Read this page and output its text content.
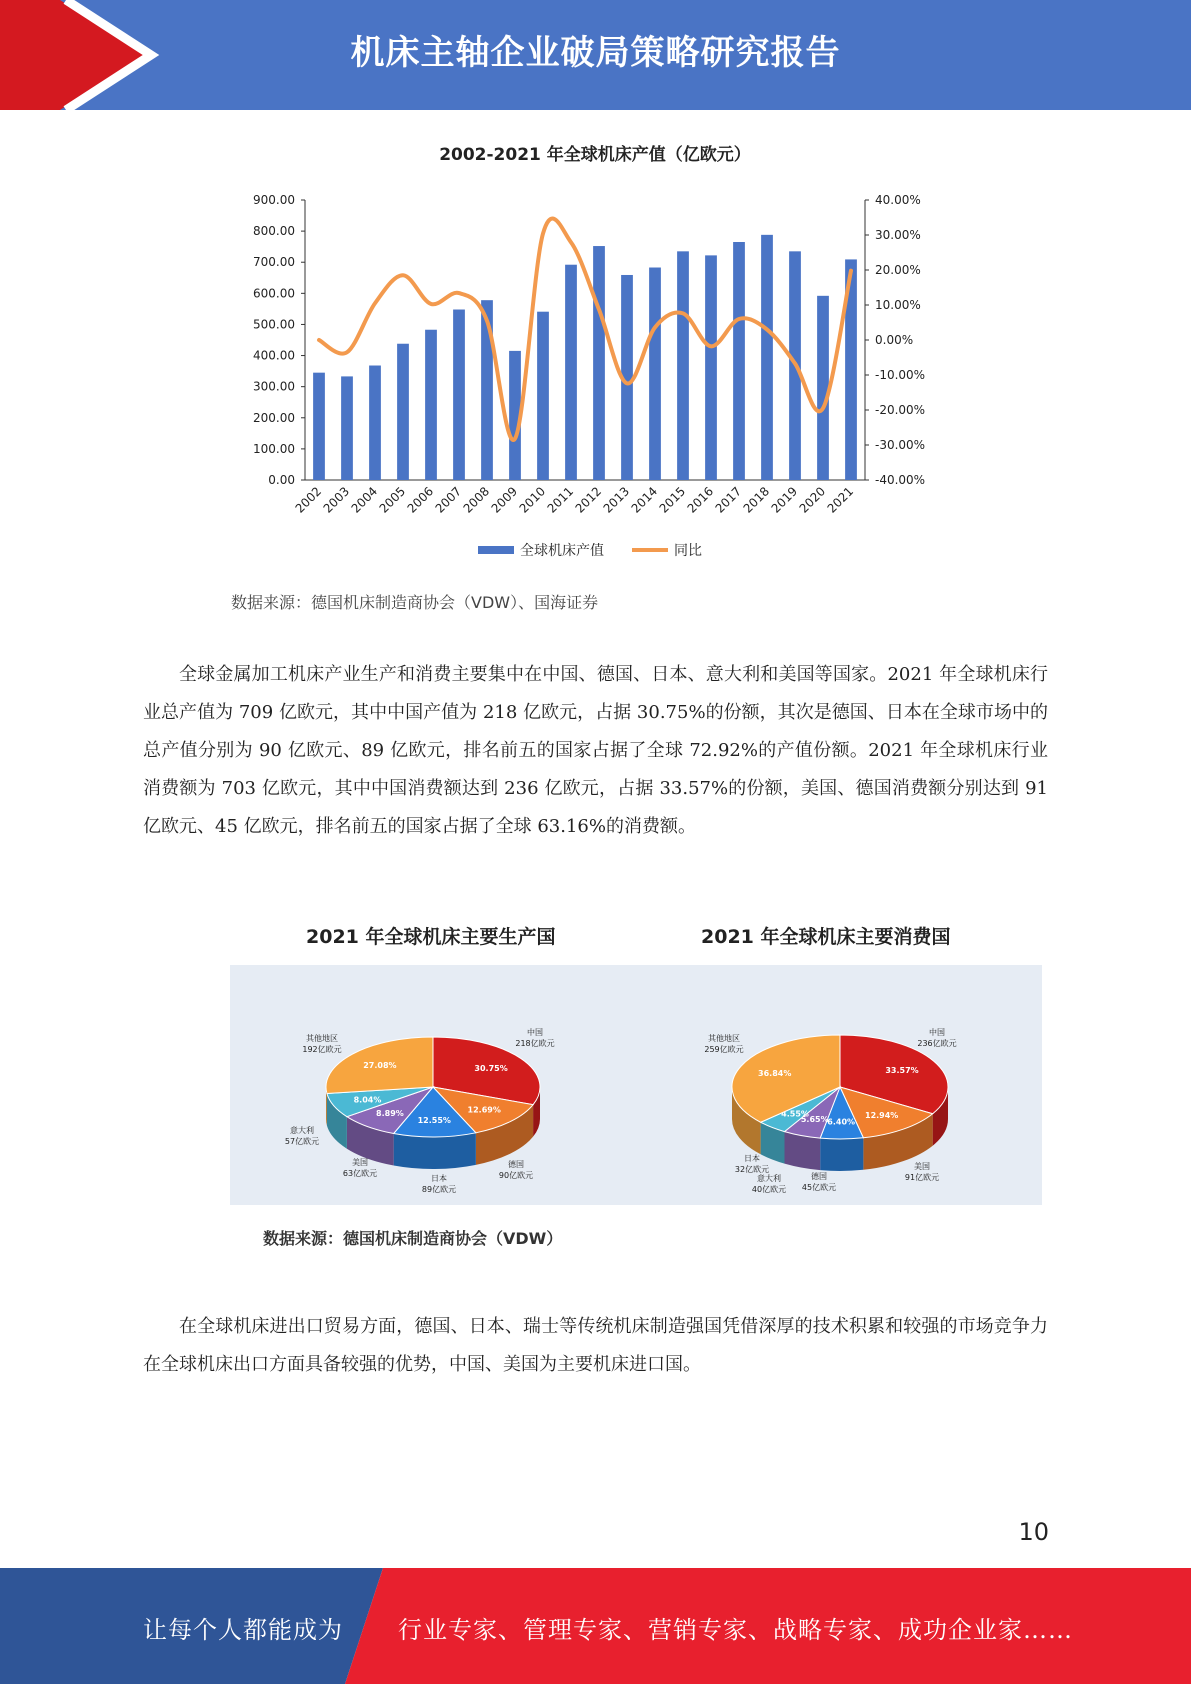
机床主轴企业破局策略研究报告
2002-2021 年全球机床产值（亿欧元）
900.00
800.00
700.00
600.00
500.00
400.00
300.00
200.00
100.00
0.00
40.00%
30.00%
20.00%
10.00%
0.00%
-10.00%
-20.00%
-30.00%
-40.00%
2002
2003
2004
2005
2006
2007
2008
2009
2010
2011
2012
2013
2014
2015
2016
2017
2018
2019
2020
2021
全球机床产值	同比
数据来源：德国机床制造商协会（VDW）、国海证券

全球金属加工机床产业生产和消费主要集中在中国、德国、日本、意大利和美国等国家。2021 年全球机床行业总产值为 709 亿欧元，其中中国产值为 218 亿欧元，占据 30.75%的份额，其次是德国、日本在全球市场中的总产值分别为 90 亿欧元、89 亿欧元，排名前五的国家占据了全球 72.92%的产值份额。2021 年全球机床行业消费额为 703 亿欧元，其中中国消费额达到 236 亿欧元，占据 33.57%的份额，美国、德国消费额分别达到 91 亿欧元、45 亿欧元，排名前五的国家占据了全球 63.16%的消费额。

2021 年全球机床主要生产国	2021 年全球机床主要消费国
30.75%
12.69%
12.55%
8.89%
8.04%
27.08%
中国
218亿欧元
德国
90亿欧元
日本
89亿欧元
美国
63亿欧元
意大利
57亿欧元
其他地区
192亿欧元
33.57%
12.94%
6.40%
5.65%
4.55%
36.84%
中国
236亿欧元
美国
91亿欧元
德国
45亿欧元
意大利
40亿欧元
日本
32亿欧元
其他地区
259亿欧元
数据来源：德国机床制造商协会（VDW）

在全球机床进出口贸易方面，德国、日本、瑞士等传统机床制造强国凭借深厚的技术积累和较强的市场竞争力在全球机床出口方面具备较强的优势，中国、美国为主要机床进口国。

10
让每个人都能成为 行业专家、管理专家、营销专家、战略专家、成功企业家……
